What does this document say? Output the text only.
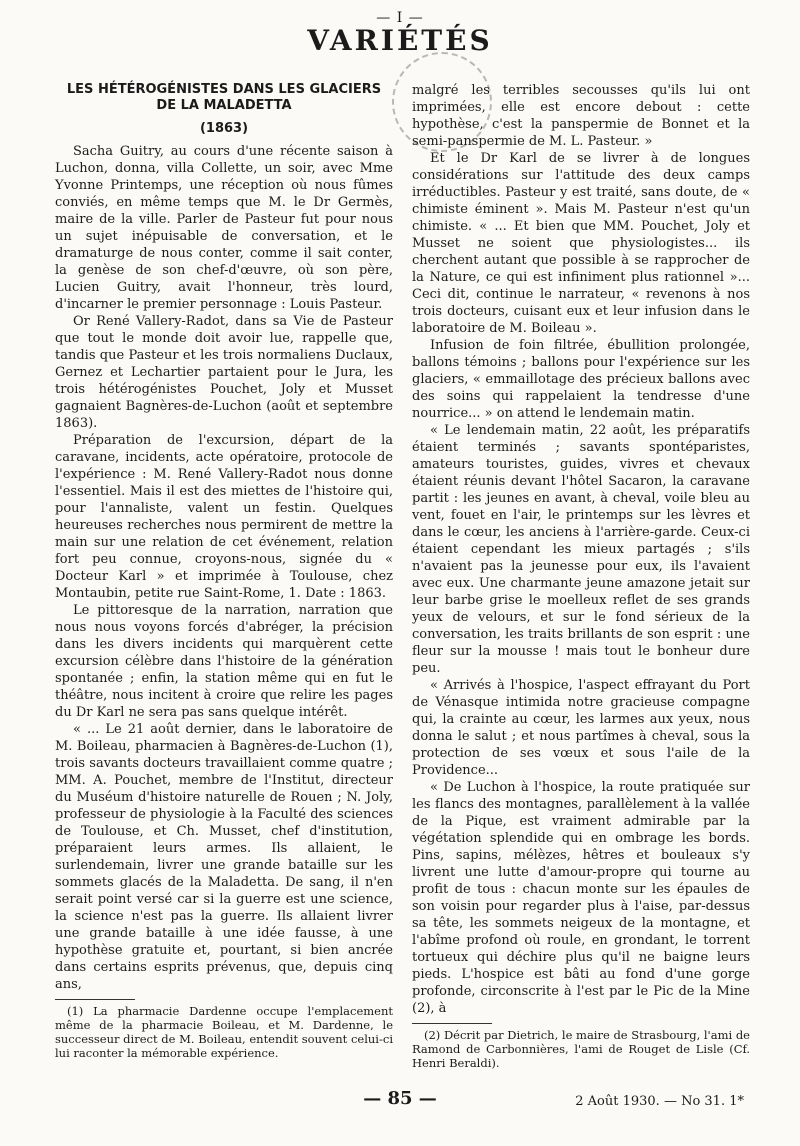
— I —
VARIÉTÉS
LES HÉTÉROGÉNISTES DANS LES GLACIERS DE LA MALADETTA
(1863)

Sacha Guitry, au cours d'une récente saison à Luchon, donna, villa Collette, un soir, avec Mme Yvonne Printemps, une réception où nous fûmes conviés, en même temps que M. le Dr Germès, maire de la ville. Parler de Pasteur fut pour nous un sujet inépuisable de conversation, et le dramaturge de nous conter, comme il sait conter, la genèse de son chef-d'œuvre, où son père, Lucien Guitry, avait l'honneur, très lourd, d'incarner le premier personnage : Louis Pasteur.

Or René Vallery-Radot, dans sa Vie de Pasteur que tout le monde doit avoir lue, rappelle que, tandis que Pasteur et les trois normaliens Duclaux, Gernez et Lechartier partaient pour le Jura, les trois hétérogénistes Pouchet, Joly et Musset gagnaient Bagnères-de-Luchon (août et septembre 1863).

Préparation de l'excursion, départ de la caravane, incidents, acte opératoire, protocole de l'expérience : M. René Vallery-Radot nous donne l'essentiel. Mais il est des miettes de l'histoire qui, pour l'annaliste, valent un festin. Quelques heureuses recherches nous permirent de mettre la main sur une relation de cet événement, relation fort peu connue, croyons-nous, signée du « Docteur Karl » et imprimée à Toulouse, chez Montaubin, petite rue Saint-Rome, 1. Date : 1863.

Le pittoresque de la narration, narration que nous nous voyons forcés d'abréger, la précision dans les divers incidents qui marquèrent cette excursion célèbre dans l'histoire de la génération spontanée ; enfin, la station même qui en fut le théâtre, nous incitent à croire que relire les pages du Dr Karl ne sera pas sans quelque intérêt.

« ... Le 21 août dernier, dans le laboratoire de M. Boileau, pharmacien à Bagnères-de-Luchon (1), trois savants docteurs travaillaient comme quatre ; MM. A. Pouchet, membre de l'Institut, directeur du Muséum d'histoire naturelle de Rouen ; N. Joly, professeur de physiologie à la Faculté des sciences de Toulouse, et Ch. Musset, chef d'institution, préparaient leurs armes. Ils allaient, le surlendemain, livrer une grande bataille sur les sommets glacés de la Maladetta. De sang, il n'en serait point versé car si la guerre est une science, la science n'est pas la guerre. Ils allaient livrer une grande bataille à une idée fausse, à une hypothèse gratuite et, pourtant, si bien ancrée dans certains esprits prévenus, que, depuis cinq ans,

(1) La pharmacie Dardenne occupe l'emplacement même de la pharmacie Boileau, et M. Dardenne, le successeur direct de M. Boileau, entendit souvent celui-ci lui raconter la mémorable expérience.

malgré les terribles secousses qu'ils lui ont imprimées, elle est encore debout : cette hypothèse, c'est la panspermie de Bonnet et la semi-panspermie de M. L. Pasteur. »

Et le Dr Karl de se livrer à de longues considérations sur l'attitude des deux camps irréductibles. Pasteur y est traité, sans doute, de « chimiste éminent ». Mais M. Pasteur n'est qu'un chimiste. « ... Et bien que MM. Pouchet, Joly et Musset ne soient que physiologistes... ils cherchent autant que possible à se rapprocher de la Nature, ce qui est infiniment plus rationnel »... Ceci dit, continue le narrateur, « revenons à nos trois docteurs, cuisant eux et leur infusion dans le laboratoire de M. Boileau ».

Infusion de foin filtrée, ébullition prolongée, ballons témoins ; ballons pour l'expérience sur les glaciers, « emmaillotage des précieux ballons avec des soins qui rappelaient la tendresse d'une nourrice... » on attend le lendemain matin.

« Le lendemain matin, 22 août, les préparatifs étaient terminés ; savants spontéparistes, amateurs touristes, guides, vivres et chevaux étaient réunis devant l'hôtel Sacaron, la caravane partit : les jeunes en avant, à cheval, voile bleu au vent, fouet en l'air, le printemps sur les lèvres et dans le cœur, les anciens à l'arrière-garde. Ceux-ci étaient cependant les mieux partagés ; s'ils n'avaient pas la jeunesse pour eux, ils l'avaient avec eux. Une charmante jeune amazone jetait sur leur barbe grise le moelleux reflet de ses grands yeux de velours, et sur le fond sérieux de la conversation, les traits brillants de son esprit : une fleur sur la mousse ! mais tout le bonheur dure peu.

« Arrivés à l'hospice, l'aspect effrayant du Port de Vénasque intimida notre gracieuse compagne qui, la crainte au cœur, les larmes aux yeux, nous donna le salut ; et nous partîmes à cheval, sous la protection de ses vœux et sous l'aile de la Providence...

« De Luchon à l'hospice, la route pratiquée sur les flancs des montagnes, parallèlement à la vallée de la Pique, est vraiment admirable par la végétation splendide qui en ombrage les bords. Pins, sapins, mélèzes, hêtres et bouleaux s'y livrent une lutte d'amour-propre qui tourne au profit de tous : chacun monte sur les épaules de son voisin pour regarder plus à l'aise, par-dessus sa tête, les sommets neigeux de la montagne, et l'abîme profond où roule, en grondant, le torrent tortueux qui déchire plus qu'il ne baigne leurs pieds. L'hospice est bâti au fond d'une gorge profonde, circonscrite à l'est par le Pic de la Mine (2), à

(2) Décrit par Dietrich, le maire de Strasbourg, l'ami de Ramond de Carbonnières, l'ami de Rouget de Lisle (Cf. Henri Beraldi).
— 85 —	2 Août 1930. — No 31. 1*
